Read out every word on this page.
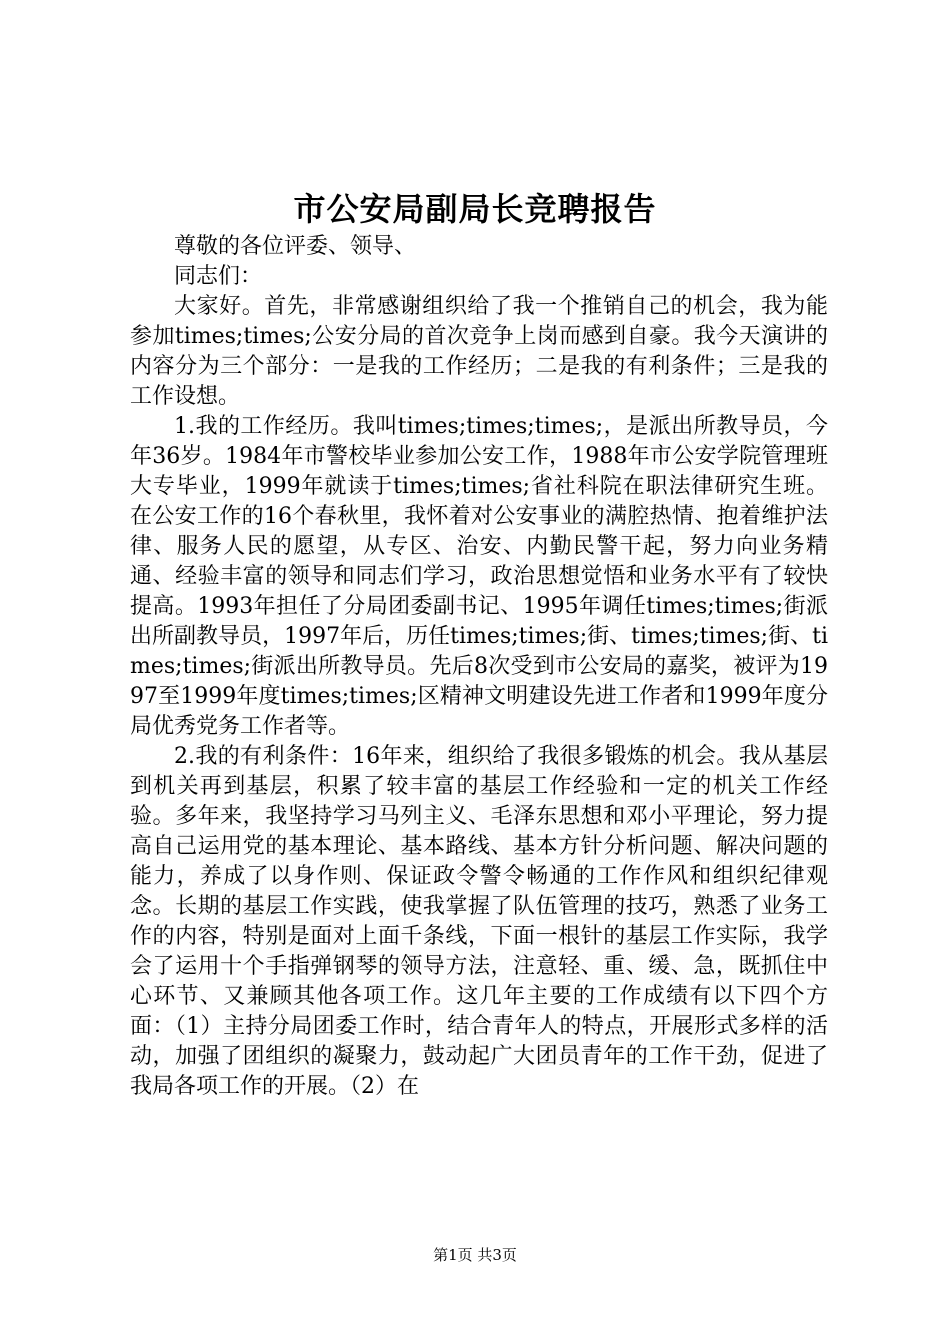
市公安局副局长竞聘报告

尊敬的各位评委、领导、

同志们：

大家好。首先，非常感谢组织给了我一个推销自己的机会，我为能参加times;times;公安分局的首次竞争上岗而感到自豪。我今天演讲的内容分为三个部分：一是我的工作经历；二是我的有利条件；三是我的工作设想。

1.我的工作经历。我叫times;times;times;，是派出所教导员，今年36岁。1984年市警校毕业参加公安工作，1988年市公安学院管理班大专毕业，1999年就读于times;times;省社科院在职法律研究生班。在公安工作的16个春秋里，我怀着对公安事业的满腔热情、抱着维护法律、服务人民的愿望，从专区、治安、内勤民警干起，努力向业务精通、经验丰富的领导和同志们学习，政治思想觉悟和业务水平有了较快提高。1993年担任了分局团委副书记、1995年调任times;times;街派出所副教导员，1997年后，历任times;times;街、times;times;街、times;times;街派出所教导员。先后8次受到市公安局的嘉奖，被评为1997至1999年度times;times;区精神文明建设先进工作者和1999年度分局优秀党务工作者等。

2.我的有利条件：16年来，组织给了我很多锻炼的机会。我从基层到机关再到基层，积累了较丰富的基层工作经验和一定的机关工作经验。多年来，我坚持学习马列主义、毛泽东思想和邓小平理论，努力提高自己运用党的基本理论、基本路线、基本方针分析问题、解决问题的能力，养成了以身作则、保证政令警令畅通的工作作风和组织纪律观念。长期的基层工作实践，使我掌握了队伍管理的技巧，熟悉了业务工作的内容，特别是面对上面千条线，下面一根针的基层工作实际，我学会了运用十个手指弹钢琴的领导方法，注意轻、重、缓、急，既抓住中心环节、又兼顾其他各项工作。这几年主要的工作成绩有以下四个方面：（1）主持分局团委工作时，结合青年人的特点，开展形式多样的活动，加强了团组织的凝聚力，鼓动起广大团员青年的工作干劲，促进了我局各项工作的开展。（2）在

第1页 共3页
